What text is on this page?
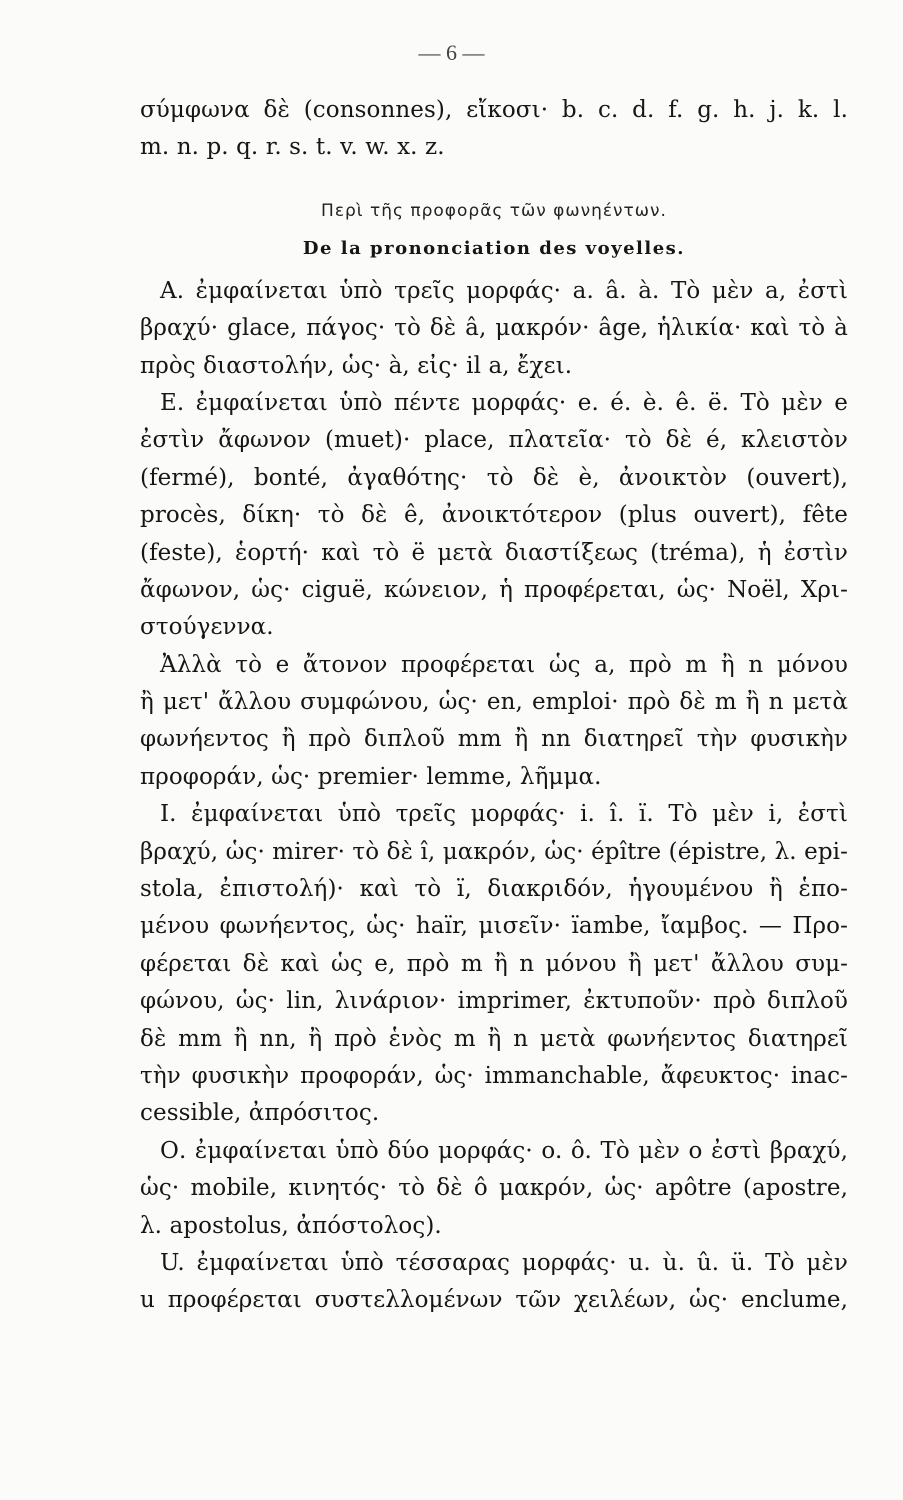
— 6 —
σύμφωνα δὲ (consonnes), εἴκοσι· b. c. d. f. g. h. j. k. l.
m. n. p. q. r. s. t. v. w. x. z.
Περὶ τῆς προφορᾶς τῶν φωνηέντων.
De la prononciation des voyelles.
Α. ἐμφαίνεται ὑπὸ τρεῖς μορφάς· a. â. à. Τὸ μὲν a, ἐστὶ
βραχύ· glace, πάγος· τὸ δὲ â, μακρόν· âge, ἡλικία· καὶ τὸ à
πρὸς διαστολήν, ὡς· à, εἰς· il a, ἔχει.
Ε. ἐμφαίνεται ὑπὸ πέντε μορφάς· e. é. è. ê. ë. Τὸ μὲν e
ἐστὶν ἄφωνον (muet)· place, πλατεῖα· τὸ δὲ é, κλειστὸν
(fermé), bonté, ἀγαθότης· τὸ δὲ è, ἀνοικτὸν (ouvert),
procès, δίκη· τὸ δὲ ê, ἀνοικτότερον (plus ouvert), fête
(feste), ἑορτή· καὶ τὸ ë μετὰ διαστίξεως (tréma), ἡ ἐστὶν
ἄφωνον, ὡς· ciguë, κώνειον, ἡ προφέρεται, ὡς· Noël, Χρι-
στούγεννα.
Ἀλλὰ τὸ e ἄτονον προφέρεται ὡς a, πρὸ m ἢ n μόνου
ἢ μετ' ἄλλου συμφώνου, ὡς· en, emploi· πρὸ δὲ m ἢ n μετὰ
φωνήεντος ἢ πρὸ διπλοῦ mm ἢ nn διατηρεῖ τὴν φυσικὴν
προφοράν, ὡς· premier· lemme, λῆμμα.
Ι. ἐμφαίνεται ὑπὸ τρεῖς μορφάς· i. î. ï. Τὸ μὲν i, ἐστὶ
βραχύ, ὡς· mirer· τὸ δὲ î, μακρόν, ὡς· épître (épistre, λ. epi-
stola, ἐπιστολή)· καὶ τὸ ï, διακριδόν, ἡγουμένου ἢ ἑπο-
μένου φωνήεντος, ὡς· haïr, μισεῖν· ïambe, ἴαμβος. — Προ-
φέρεται δὲ καὶ ὡς e, πρὸ m ἢ n μόνου ἢ μετ' ἄλλου συμ-
φώνου, ὡς· lin, λινάριον· imprimer, ἐκτυποῦν· πρὸ διπλοῦ
δὲ mm ἢ nn, ἢ πρὸ ἑνὸς m ἢ n μετὰ φωνήεντος διατηρεῖ
τὴν φυσικὴν προφοράν, ὡς· immanchable, ἄφευκτος· inac-
cessible, ἀπρόσιτος.
Ο. ἐμφαίνεται ὑπὸ δύο μορφάς· o. ô. Τὸ μὲν o ἐστὶ βραχύ,
ὡς· mobile, κινητός· τὸ δὲ ô μακρόν, ὡς· apôtre (apostre,
λ. apostolus, ἀπόστολος).
U. ἐμφαίνεται ὑπὸ τέσσαρας μορφάς· u. ù. û. ü. Τὸ μὲν
u προφέρεται συστελλομένων τῶν χειλέων, ὡς· enclume,
